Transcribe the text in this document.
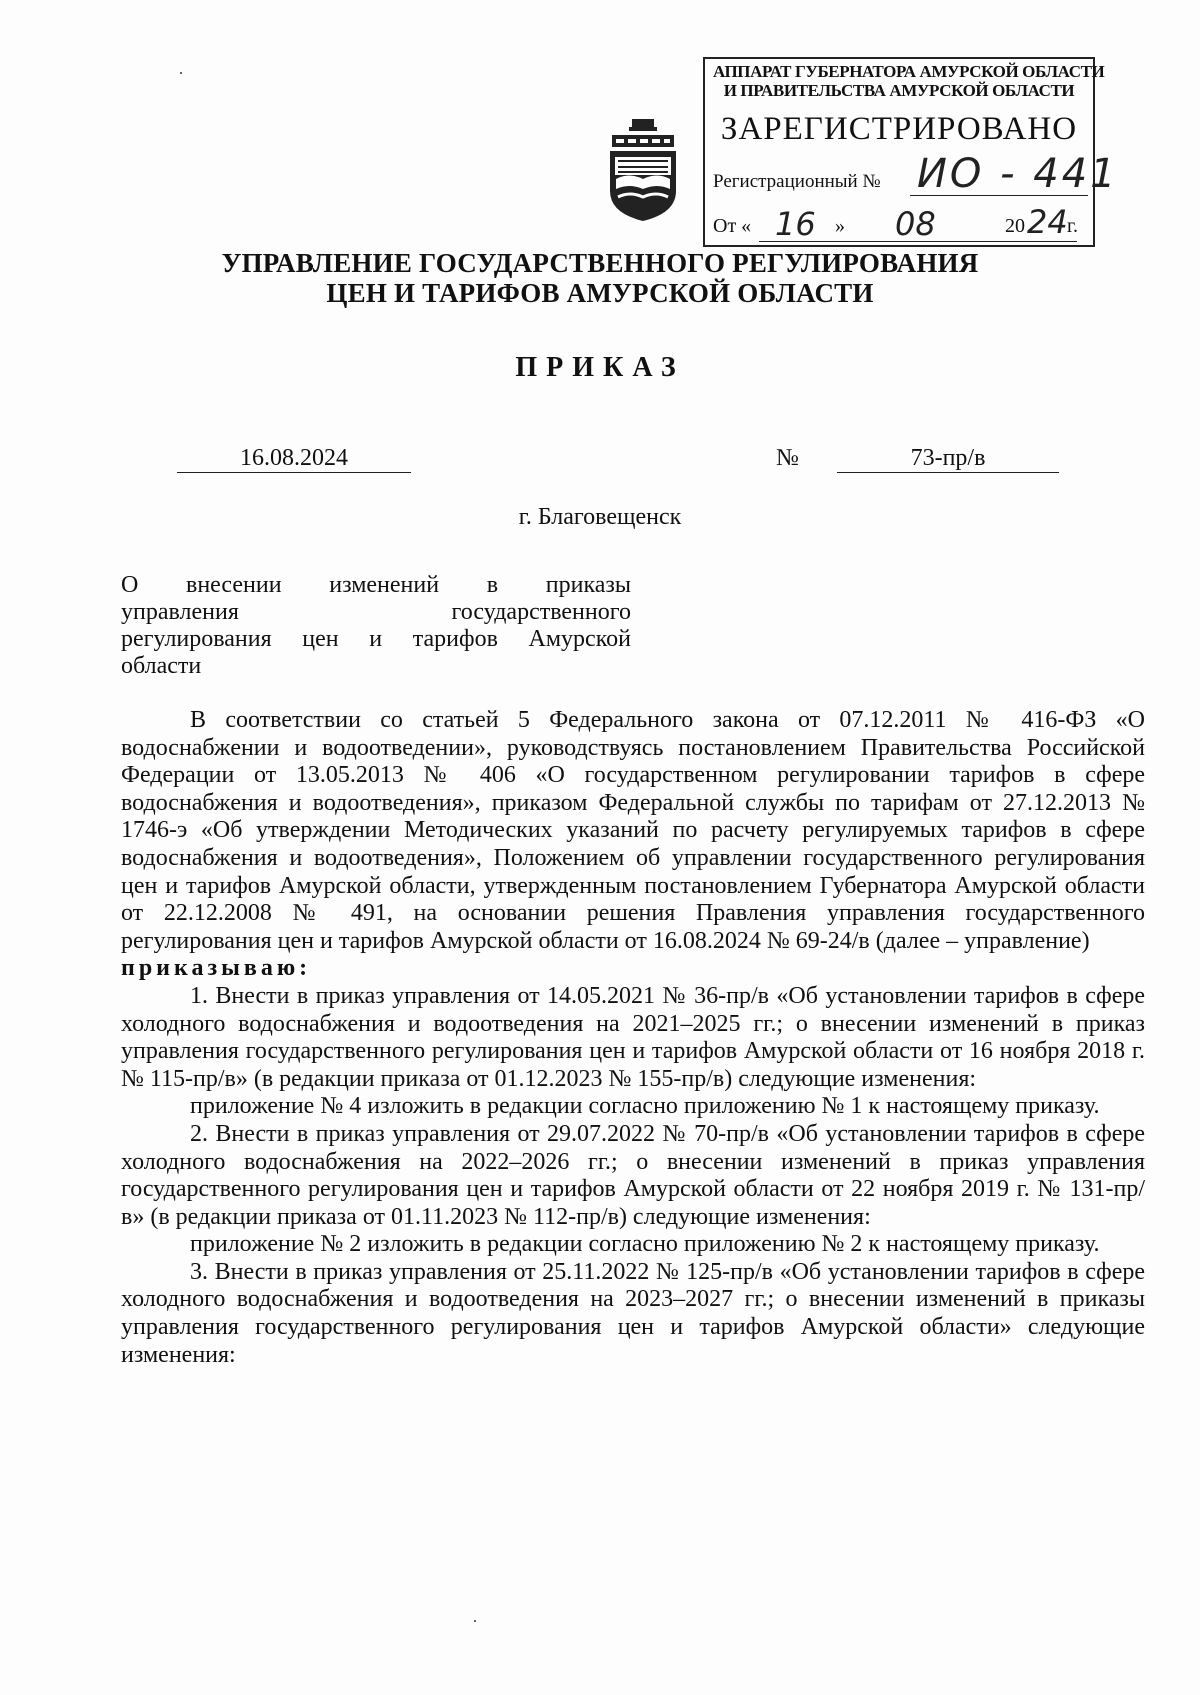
АППАРАТ ГУБЕРНАТОРА АМУРСКОЙ ОБЛАСТИ
И ПРАВИТЕЛЬСТВА АМУРСКОЙ ОБЛАСТИ
ЗАРЕГИСТРИРОВАНО
Регистрационный № ИО - 441
От « 16 » 08	20 24 г.
УПРАВЛЕНИЕ ГОСУДАРСТВЕННОГО РЕГУЛИРОВАНИЯ
ЦЕН И ТАРИФОВ АМУРСКОЙ ОБЛАСТИ
ПРИКАЗ
16.08.2024	№	73-пр/в
г. Благовещенск
О внесении изменений в приказы
управления государственного
регулирования цен и тарифов Амурской
области

В соответствии со статьей 5 Федерального закона от 07.12.2011 № 416-ФЗ «О водоснабжении и водоотведении», руководствуясь постановлением Правительства Российской Федерации от 13.05.2013 № 406 «О государственном регулировании тарифов в сфере водоснабжения и водоотведения», приказом Федеральной службы по тарифам от 27.12.2013 № 1746-э «Об утверждении Методических указаний по расчету регулируемых тарифов в сфере водоснабжения и водоотведения», Положением об управлении государственного регулирования цен и тарифов Амурской области, утвержденным постановлением Губернатора Амурской области от 22.12.2008 № 491, на основании решения Правления управления государственного регулирования цен и тарифов Амурской области от 16.08.2024 № 69-24/в (далее – управление)

приказываю:

1. Внести в приказ управления от 14.05.2021 № 36-пр/в «Об установлении тарифов в сфере холодного водоснабжения и водоотведения на 2021–2025 гг.; о внесении изменений в приказ управления государственного регулирования цен и тарифов Амурской области от 16 ноября 2018 г. № 115-пр/в» (в редакции приказа от 01.12.2023 № 155-пр/в) следующие изменения:

приложение № 4 изложить в редакции согласно приложению № 1 к настоящему приказу.

2. Внести в приказ управления от 29.07.2022 № 70-пр/в «Об установлении тарифов в сфере холодного водоснабжения на 2022–2026 гг.; о внесении изменений в приказ управления государственного регулирования цен и тарифов Амурской области от 22 ноября 2019 г. № 131-пр/в» (в редакции приказа от 01.11.2023 № 112-пр/в) следующие изменения:

приложение № 2 изложить в редакции согласно приложению № 2 к настоящему приказу.

3. Внести в приказ управления от 25.11.2022 № 125-пр/в «Об установлении тарифов в сфере холодного водоснабжения и водоотведения на 2023–2027 гг.; о внесении изменений в приказы управления государственного регулирования цен и тарифов Амурской области» следующие изменения:
